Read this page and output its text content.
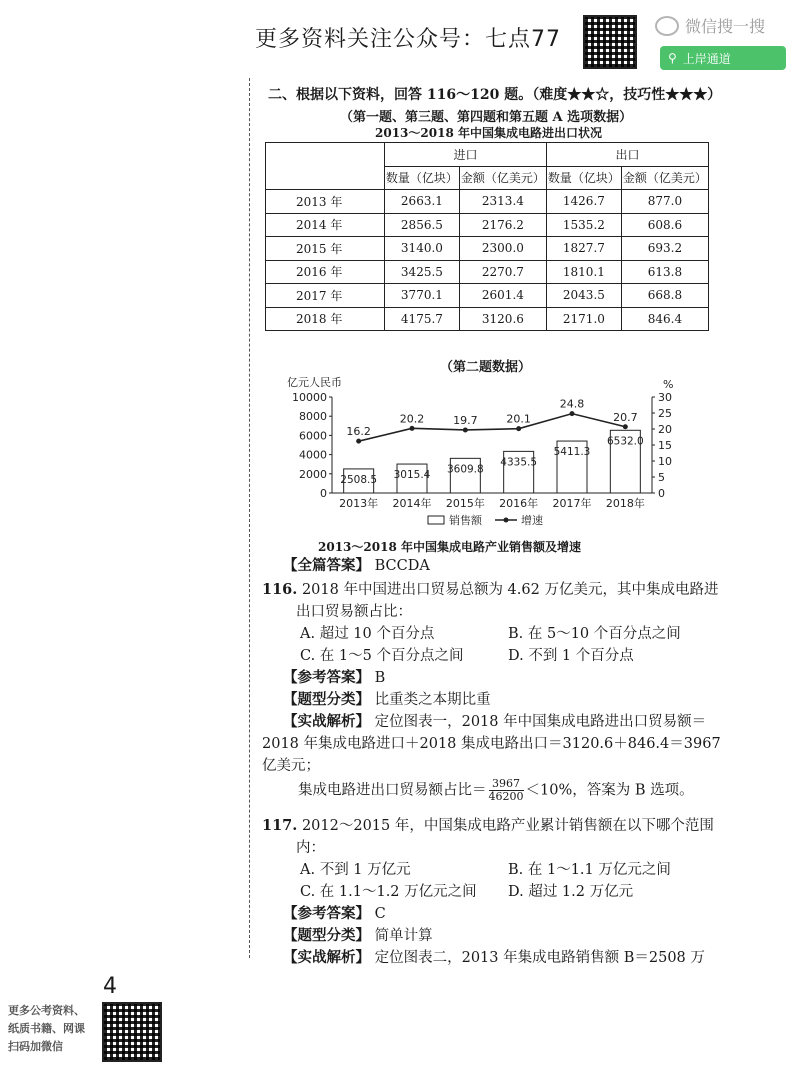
更多资料关注公众号：七点77
微信搜一搜
⚲ 上岸通道
二、根据以下资料，回答 116～120 题。（难度★★☆，技巧性★★★）
（第一题、第三题、第四题和第五题 A 选项数据）
2013～2018 年中国集成电路进出口状况
	进口		出口	
	数量（亿块）	金额（亿美元）	数量（亿块）	金额（亿美元）
2013 年	2663.1	2313.4	1426.7	877.0
2014 年	2856.5	2176.2	1535.2	608.6
2015 年	3140.0	2300.0	1827.7	693.2
2016 年	3425.5	2270.7	1810.1	613.8
2017 年	3770.1	2601.4	2043.5	668.8
2018 年	4175.7	3120.6	2171.0	846.4
（第二题数据）
亿元人民币	%
0
2000
4000
6000
8000
10000
0
5
10
15
20
25
30
2508.5
2013年
3015.4
2014年
3609.8
2015年
4335.5
2016年
5411.3
2017年
6532.0
2018年
16.2
20.2	19.7	20.1
24.8
20.7
销售额	增速
2013～2018 年中国集成电路产业销售额及增速
【全篇答案】 BCCDA
116. 2018 年中国进出口贸易总额为 4.62 万亿美元，其中集成电路进
出口贸易额占比：
A. 超过 10 个百分点	B. 在 5～10 个百分点之间
C. 在 1～5 个百分点之间	D. 不到 1 个百分点
【参考答案】 B
【题型分类】 比重类之本期比重
【实战解析】 定位图表一，2018 年中国集成电路进出口贸易额＝
2018 年集成电路进口＋2018 集成电路出口＝3120.6＋846.4＝3967
亿美元；
集成电路进出口贸易额占比＝ $\frac{3967}{46200} <10\%$，答案为 B 选项。
117. 2012～2015 年，中国集成电路产业累计销售额在以下哪个范围
内：
A. 不到 1 万亿元	B. 在 1～1.1 万亿元之间
C. 在 1.1～1.2 万亿元之间 D. 超过 1.2 万亿元
【参考答案】 C
【题型分类】 简单计算
【实战解析】 定位图表二，2013 年集成电路销售额 B＝2508 万
4
更多公考资料、
纸质书籍、网课
扫码加微信
